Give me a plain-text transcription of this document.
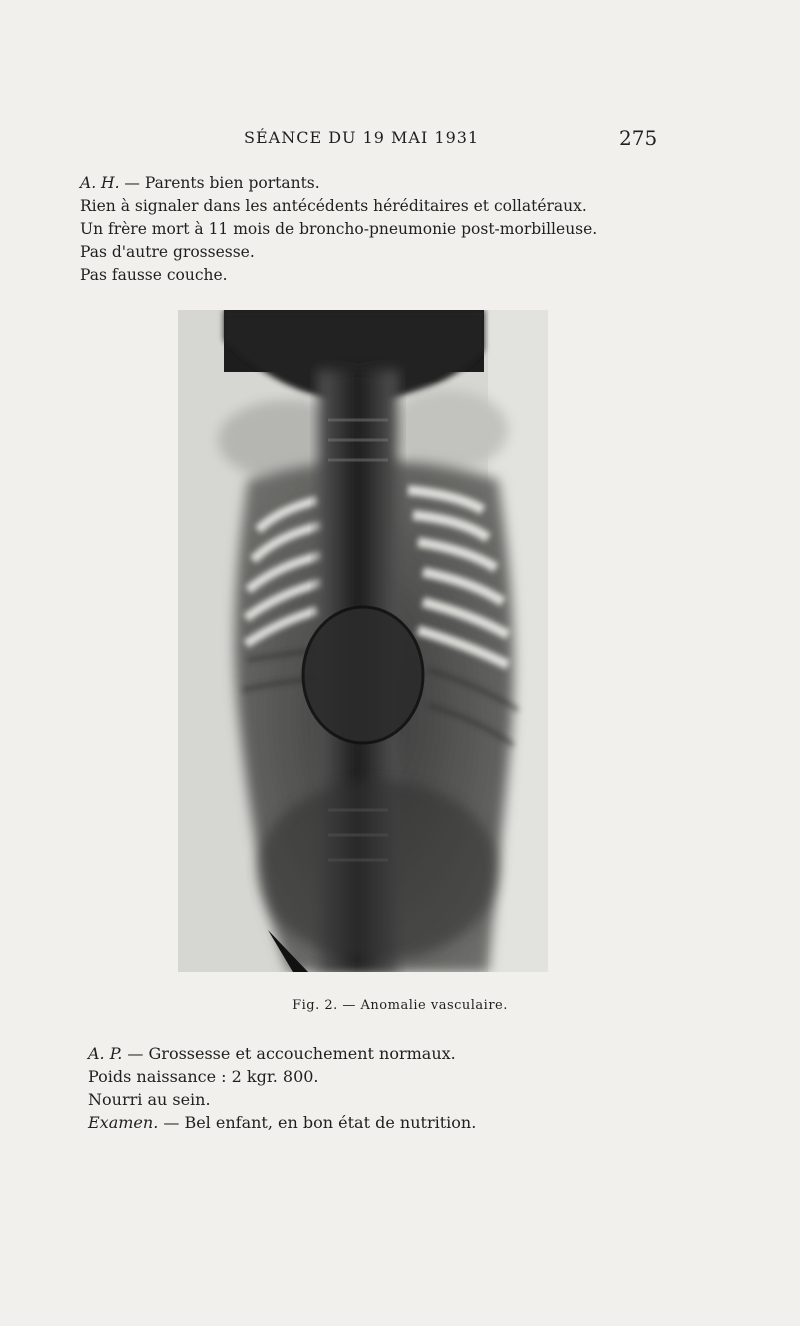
SÉANCE DU 19 MAI 1931	275
A. H. — Parents bien portants.
Rien à signaler dans les antécédents héréditaires et collatéraux.
Un frère mort à 11 mois de broncho-pneumonie post-morbilleuse.
Pas d'autre grossesse.
Pas fausse couche.
Fig. 2. — Anomalie vasculaire.
A. P. — Grossesse et accouchement normaux.
Poids naissance : 2 kgr. 800.
Nourri au sein.
Examen. — Bel enfant, en bon état de nutrition.
